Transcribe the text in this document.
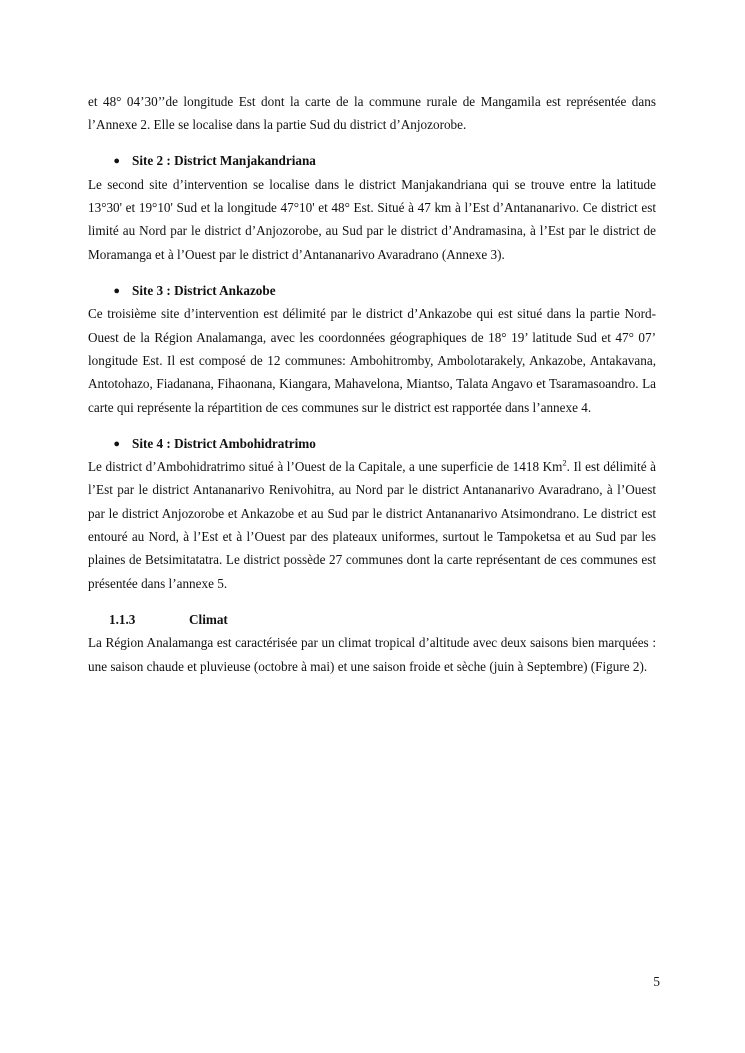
et 48° 04’30’’de longitude Est dont la carte de la commune rurale de Mangamila est représentée dans l’Annexe 2. Elle se localise dans la partie Sud du district d’Anjozorobe.

● Site 2 : District Manjakandriana

Le second site d’intervention se localise dans le district Manjakandriana qui se trouve entre la latitude 13°30' et 19°10' Sud et la longitude 47°10' et 48° Est. Situé à 47 km à l’Est d’Antananarivo. Ce district est limité au Nord par le district d’Anjozorobe, au Sud par le district d’Andramasina, à l’Est par le district de Moramanga et à l’Ouest par le district d’Antananarivo Avaradrano (Annexe 3).

● Site 3 : District Ankazobe

Ce troisième site d’intervention est délimité par le district d’Ankazobe qui est situé dans la partie Nord-Ouest de la Région Analamanga, avec les coordonnées géographiques de 18° 19’ latitude Sud et 47° 07’ longitude Est. Il est composé de 12 communes: Ambohitromby, Ambolotarakely, Ankazobe, Antakavana, Antotohazo, Fiadanana, Fihaonana, Kiangara, Mahavelona, Miantso, Talata Angavo et Tsaramasoandro. La carte qui représente la répartition de ces communes sur le district est rapportée dans l’annexe 4.

● Site 4 : District Ambohidratrimo

Le district d’Ambohidratrimo situé à l’Ouest de la Capitale, a une superficie de 1418 Km$^2$. Il est délimité à l’Est par le district Antananarivo Renivohitra, au Nord par le district Antananarivo Avaradrano, à l’Ouest par le district Anjozorobe et Ankazobe et au Sud par le district Antananarivo Atsimondrano. Le district est entouré au Nord, à l’Est et à l’Ouest par des plateaux uniformes, surtout le Tampoketsa et au Sud par les plaines de Betsimitatatra. Le district possède 27 communes dont la carte représentant de ces communes est présentée dans l’annexe 5.

1.1.3	Climat

La Région Analamanga est caractérisée par un climat tropical d’altitude avec deux saisons bien marquées : une saison chaude et pluvieuse (octobre à mai) et une saison froide et sèche (juin à Septembre) (Figure 2).

5
